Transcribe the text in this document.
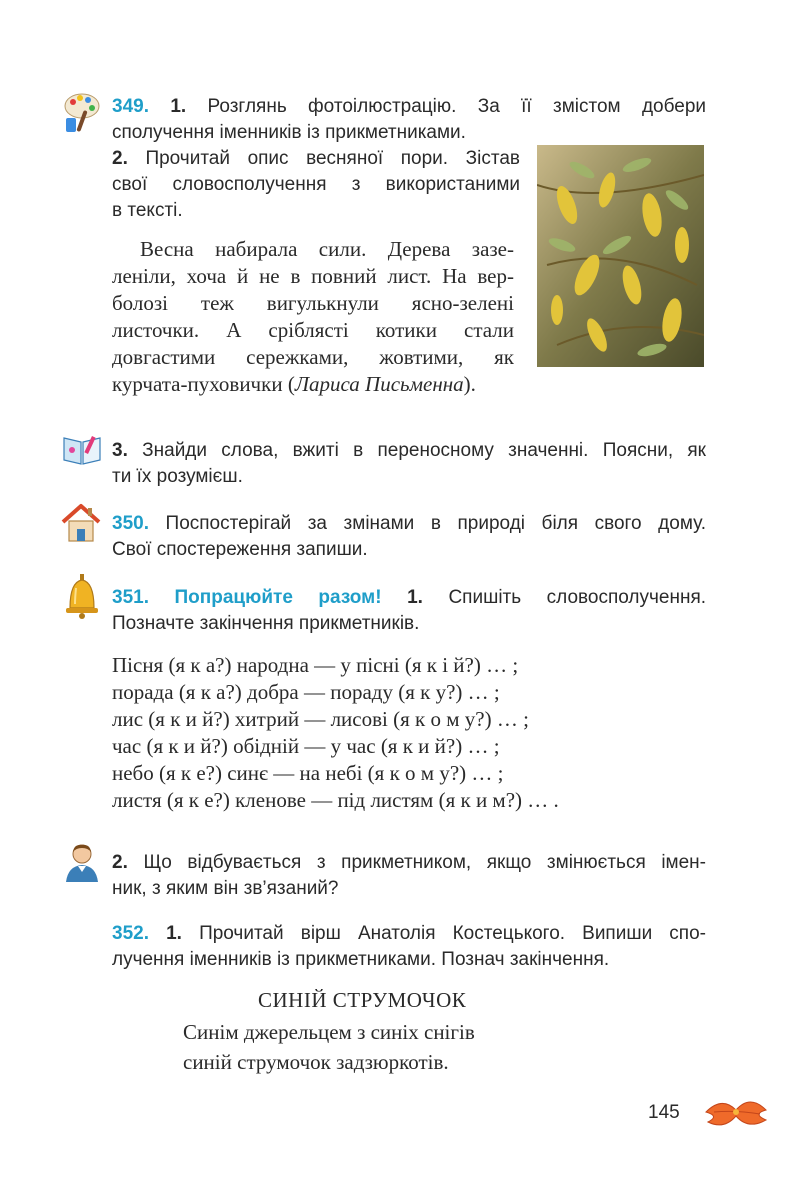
349. 1. Розглянь фотоілюстрацію. За її змістом добери
сполучення іменників із прикметниками.
2. Прочитай опис весняної пори. Зістав
свої словосполучення з використаними
в тексті.
Весна набирала сили. Дерева зазе-
леніли, хоча й не в повний лист. На вер-
болозі теж вигулькнули ясно-зелені
листочки. А сріблясті котики стали
довгастими сережками, жовтими, як
курчата-пуховички (Лариса Письменна).
3. Знайди слова, вжиті в переносному значенні. Поясни, як
ти їх розумієш.
350. Поспостерігай за змінами в природі біля свого дому.
Свої спостереження запиши.
351. Попрацюйте разом! 1. Спишіть словосполучення.
Позначте закінчення прикметників.
Пісня (я к а?) народна — у пісні (я к і й?) … ;
порада (я к а?) добра — пораду (я к у?) … ;
лис (я к и й?) хитрий — лисові (я к о м у?) … ;
час (я к и й?) обідній — у час (я к и й?) … ;
небо (я к е?) синє — на небі (я к о м у?) … ;
листя (я к е?) кленове — під листям (я к и м?) … .
2. Що відбувається з прикметником, якщо змінюється імен-
ник, з яким він зв’язаний?
352. 1. Прочитай вірш Анатолія Костецького. Випиши спо-
лучення іменників із прикметниками. Познач закінчення.
СИНІЙ СТРУМОЧОК
Синім джерельцем з синіх снігів
синій струмочок задзюркотів.
145
